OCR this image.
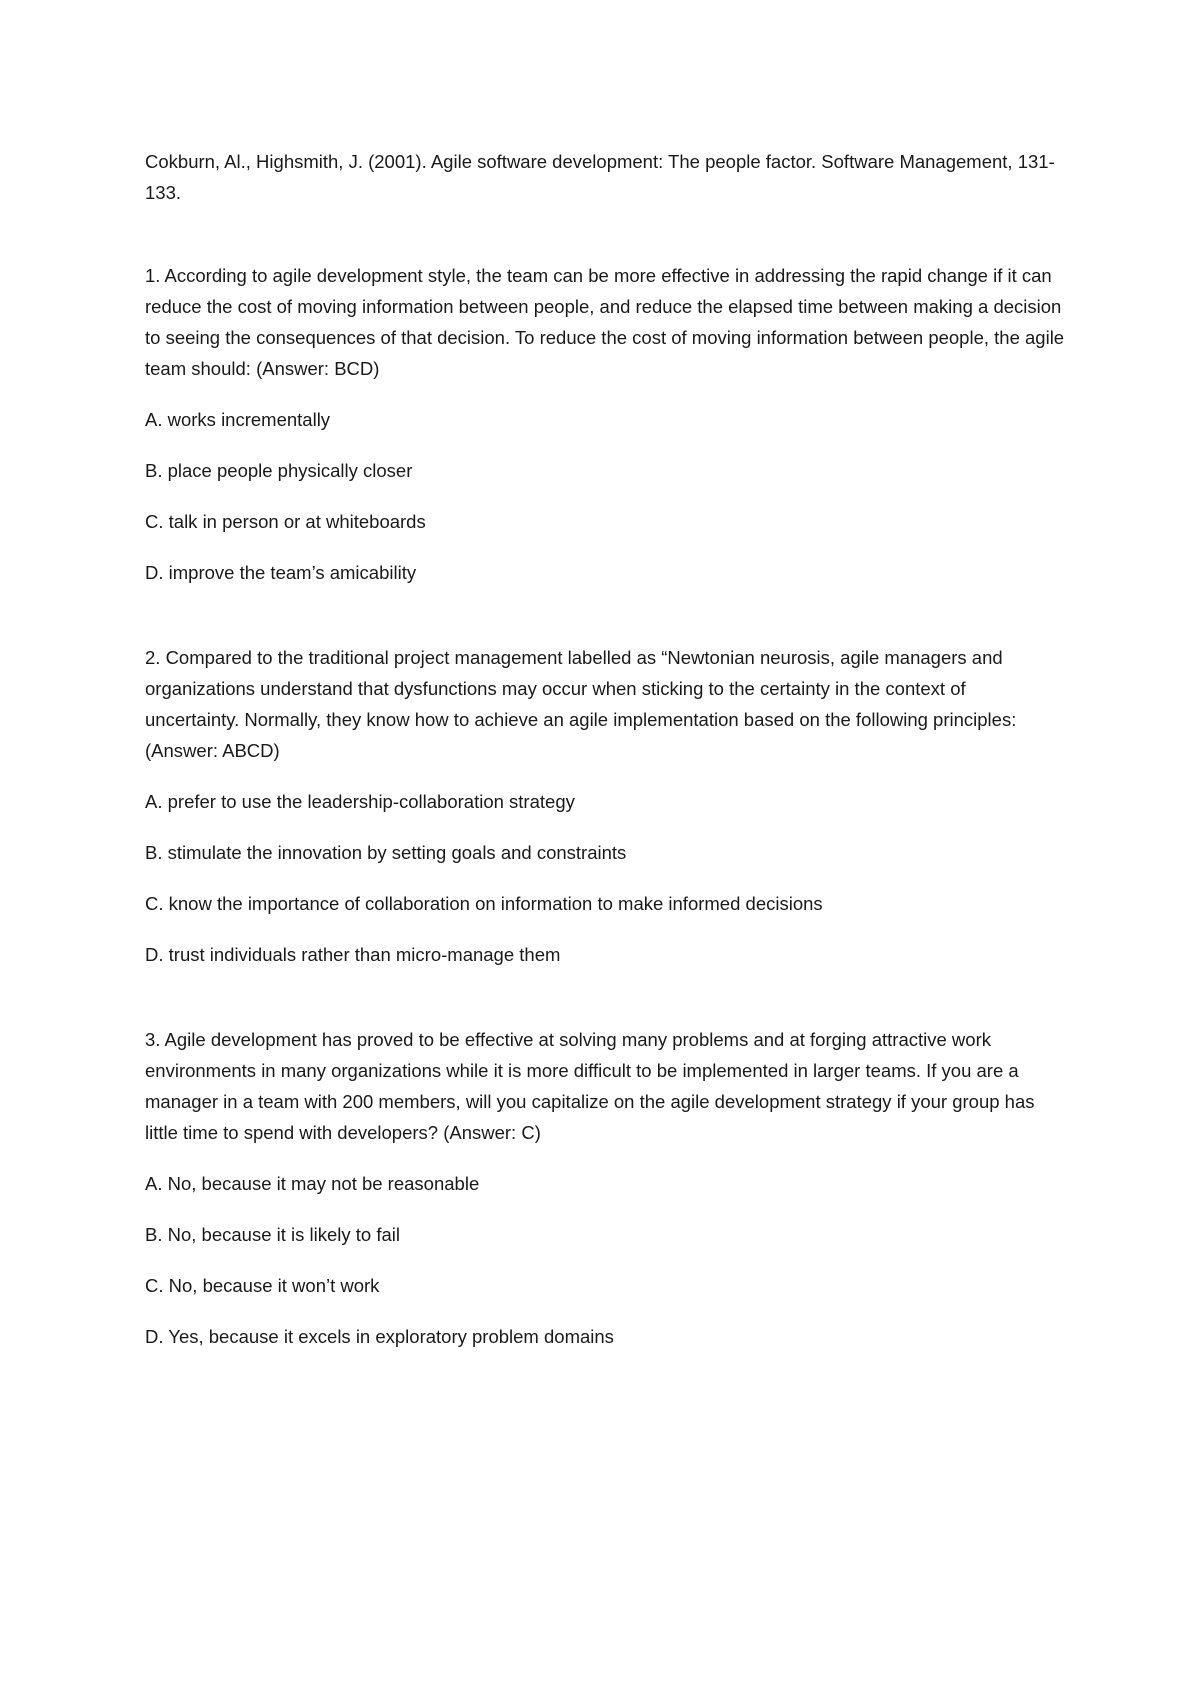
Cokburn, Al., Highsmith, J. (2001). Agile software development: The people factor. Software Management, 131-133.

1. According to agile development style, the team can be more effective in addressing the rapid change if it can reduce the cost of moving information between people, and reduce the elapsed time between making a decision to seeing the consequences of that decision. To reduce the cost of moving information between people, the agile team should: (Answer: BCD)

A. works incrementally

B. place people physically closer

C. talk in person or at whiteboards

D. improve the team’s amicability

2. Compared to the traditional project management labelled as “Newtonian neurosis, agile managers and organizations understand that dysfunctions may occur when sticking to the certainty in the context of uncertainty. Normally, they know how to achieve an agile implementation based on the following principles: (Answer: ABCD)

A. prefer to use the leadership-collaboration strategy

B. stimulate the innovation by setting goals and constraints

C. know the importance of collaboration on information to make informed decisions

D. trust individuals rather than micro-manage them

3. Agile development has proved to be effective at solving many problems and at forging attractive work environments in many organizations while it is more difficult to be implemented in larger teams. If you are a manager in a team with 200 members, will you capitalize on the agile development strategy if your group has little time to spend with developers? (Answer: C)

A. No, because it may not be reasonable

B. No, because it is likely to fail

C. No, because it won’t work

D. Yes, because it excels in exploratory problem domains
